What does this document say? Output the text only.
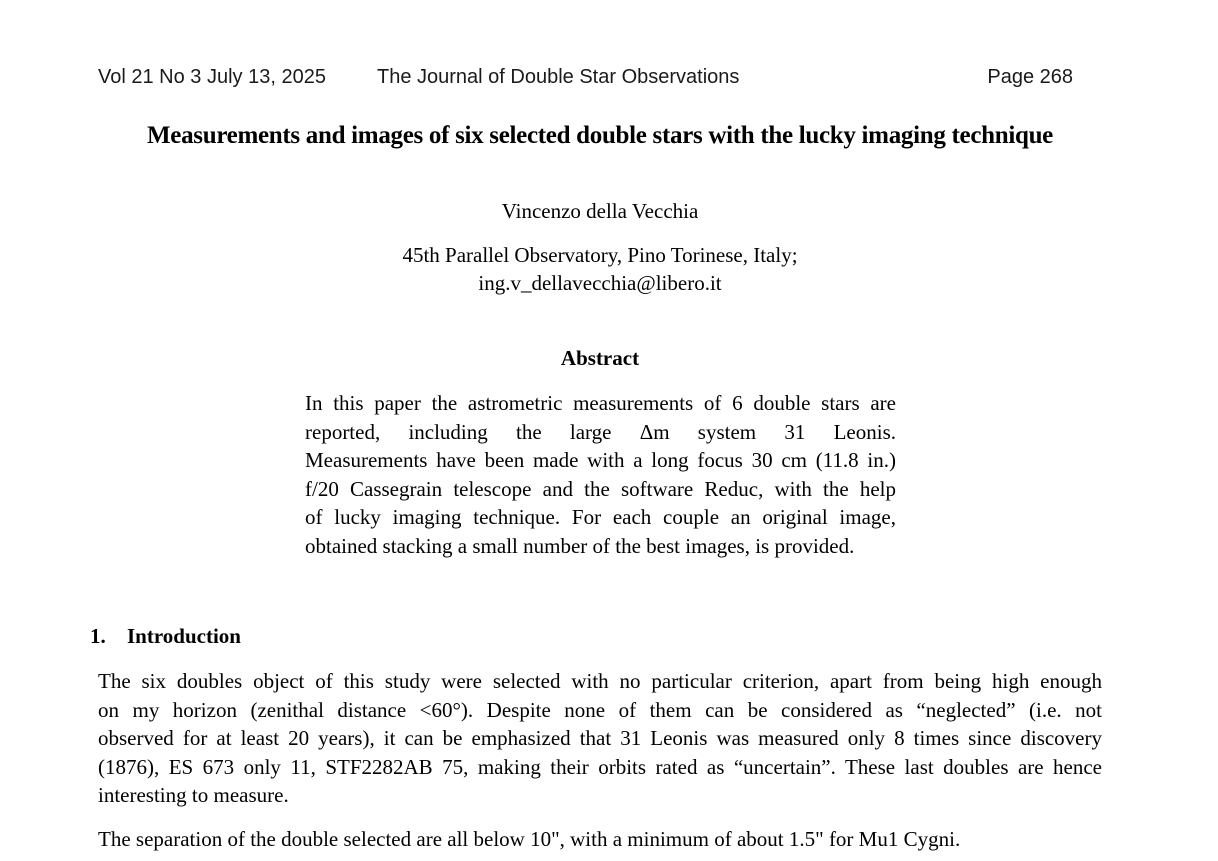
Vol 21 No 3 July 13, 2025	The Journal of Double Star Observations	Page 268
Measurements and images of six selected double stars with the lucky imaging technique
Vincenzo della Vecchia
45th Parallel Observatory, Pino Torinese, Italy;
ing.v_dellavecchia@libero.it
Abstract
In this paper the astrometric measurements of 6 double stars are
reported, including the large Δm system 31 Leonis.
Measurements have been made with a long focus 30 cm (11.8 in.)
f/20 Cassegrain telescope and the software Reduc, with the help
of lucky imaging technique. For each couple an original image,
obtained stacking a small number of the best images, is provided.
1. Introduction
The six doubles object of this study were selected with no particular criterion, apart from being high enough
on my horizon (zenithal distance <60°). Despite none of them can be considered as “neglected” (i.e. not
observed for at least 20 years), it can be emphasized that 31 Leonis was measured only 8 times since discovery
(1876), ES 673 only 11, STF2282AB 75, making their orbits rated as “uncertain”. These last doubles are hence
interesting to measure.
The separation of the double selected are all below 10", with a minimum of about 1.5" for Mu1 Cygni.
